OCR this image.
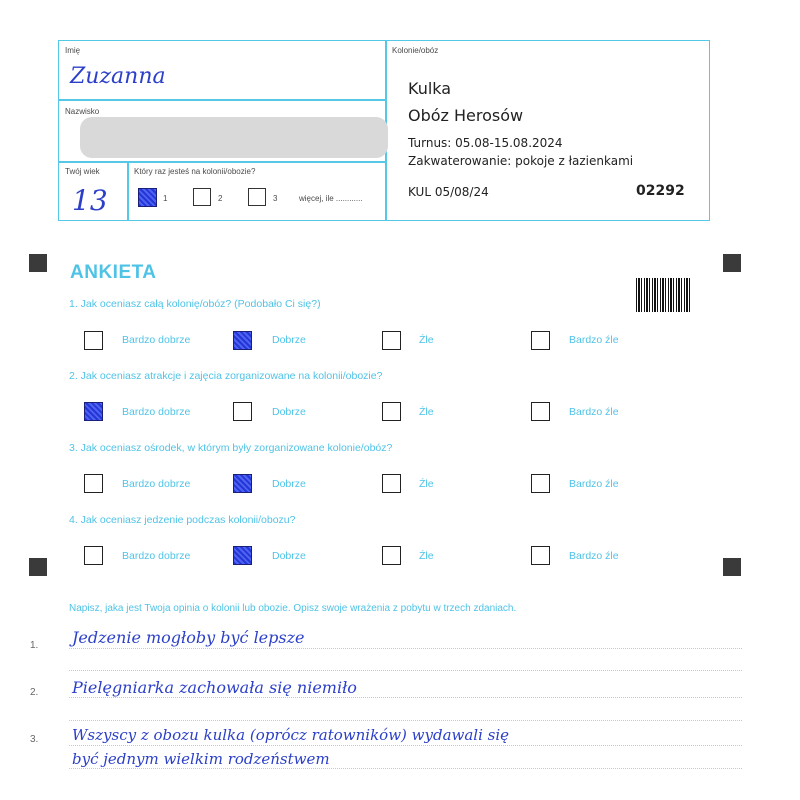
Imię
Zuzanna
Nazwisko
Twój wiek
13
Który raz jesteś na kolonii/obozie?
1	2	3	więcej, ile ............
Kolonie/obóz
Kulka
Obóz Herosów
Turnus: 05.08-15.08.2024
Zakwaterowanie: pokoje z łazienkami
KUL 05/08/24	02292
ANKIETA
1. Jak oceniasz całą kolonię/obóz? (Podobało Ci się?)
Bardzo dobrze	Dobrze	Źle	Bardzo źle
2. Jak oceniasz atrakcje i zajęcia zorganizowane na kolonii/obozie?
Bardzo dobrze	Dobrze	Źle	Bardzo źle
3. Jak oceniasz ośrodek, w którym były zorganizowane kolonie/obóz?
Bardzo dobrze	Dobrze	Źle	Bardzo źle
4. Jak oceniasz jedzenie podczas kolonii/obozu?
Bardzo dobrze	Dobrze	Źle	Bardzo źle
Napisz, jaka jest Twoja opinia o kolonii lub obozie. Opisz swoje wrażenia z pobytu w trzech zdaniach.
1. Jedzenie mogłoby być lepsze
2. Pielęgniarka zachowała się niemiło
3. Wszyscy z obozu kulka (oprócz ratowników) wydawali się
być jednym wielkim rodzeństwem
